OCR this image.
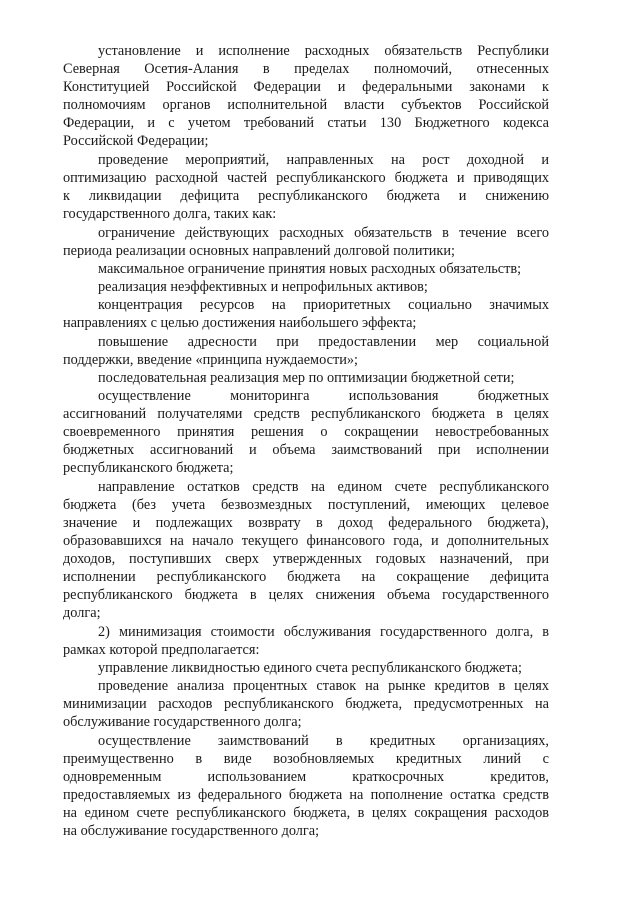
установление и исполнение расходных обязательств Республики
Северная Осетия-Алания в пределах полномочий, отнесенных
Конституцией Российской Федерации и федеральными законами к
полномочиям органов исполнительной власти субъектов Российской
Федерации, и с учетом требований статьи 130 Бюджетного кодекса
Российской Федерации;
проведение мероприятий, направленных на рост доходной и
оптимизацию расходной частей республиканского бюджета и приводящих
к ликвидации дефицита республиканского бюджета и снижению
государственного долга, таких как:
ограничение действующих расходных обязательств в течение всего
периода реализации основных направлений долговой политики;
максимальное ограничение принятия новых расходных обязательств;
реализация неэффективных и непрофильных активов;
концентрация ресурсов на приоритетных социально значимых
направлениях с целью достижения наибольшего эффекта;
повышение адресности при предоставлении мер социальной
поддержки, введение «принципа нуждаемости»;
последовательная реализация мер по оптимизации бюджетной сети;
осуществление мониторинга использования бюджетных
ассигнований получателями средств республиканского бюджета в целях
своевременного принятия решения о сокращении невостребованных
бюджетных ассигнований и объема заимствований при исполнении
республиканского бюджета;
направление остатков средств на едином счете республиканского
бюджета (без учета безвозмездных поступлений, имеющих целевое
значение и подлежащих возврату в доход федерального бюджета),
образовавшихся на начало текущего финансового года, и дополнительных
доходов, поступивших сверх утвержденных годовых назначений, при
исполнении республиканского бюджета на сокращение дефицита
республиканского бюджета в целях снижения объема государственного
долга;
2) минимизация стоимости обслуживания государственного долга, в
рамках которой предполагается:
управление ликвидностью единого счета республиканского бюджета;
проведение анализа процентных ставок на рынке кредитов в целях
минимизации расходов республиканского бюджета, предусмотренных на
обслуживание государственного долга;
осуществление заимствований в кредитных организациях,
преимущественно в виде возобновляемых кредитных линий с
одновременным использованием краткосрочных кредитов,
предоставляемых из федерального бюджета на пополнение остатка средств
на едином счете республиканского бюджета, в целях сокращения расходов
на обслуживание государственного долга;
